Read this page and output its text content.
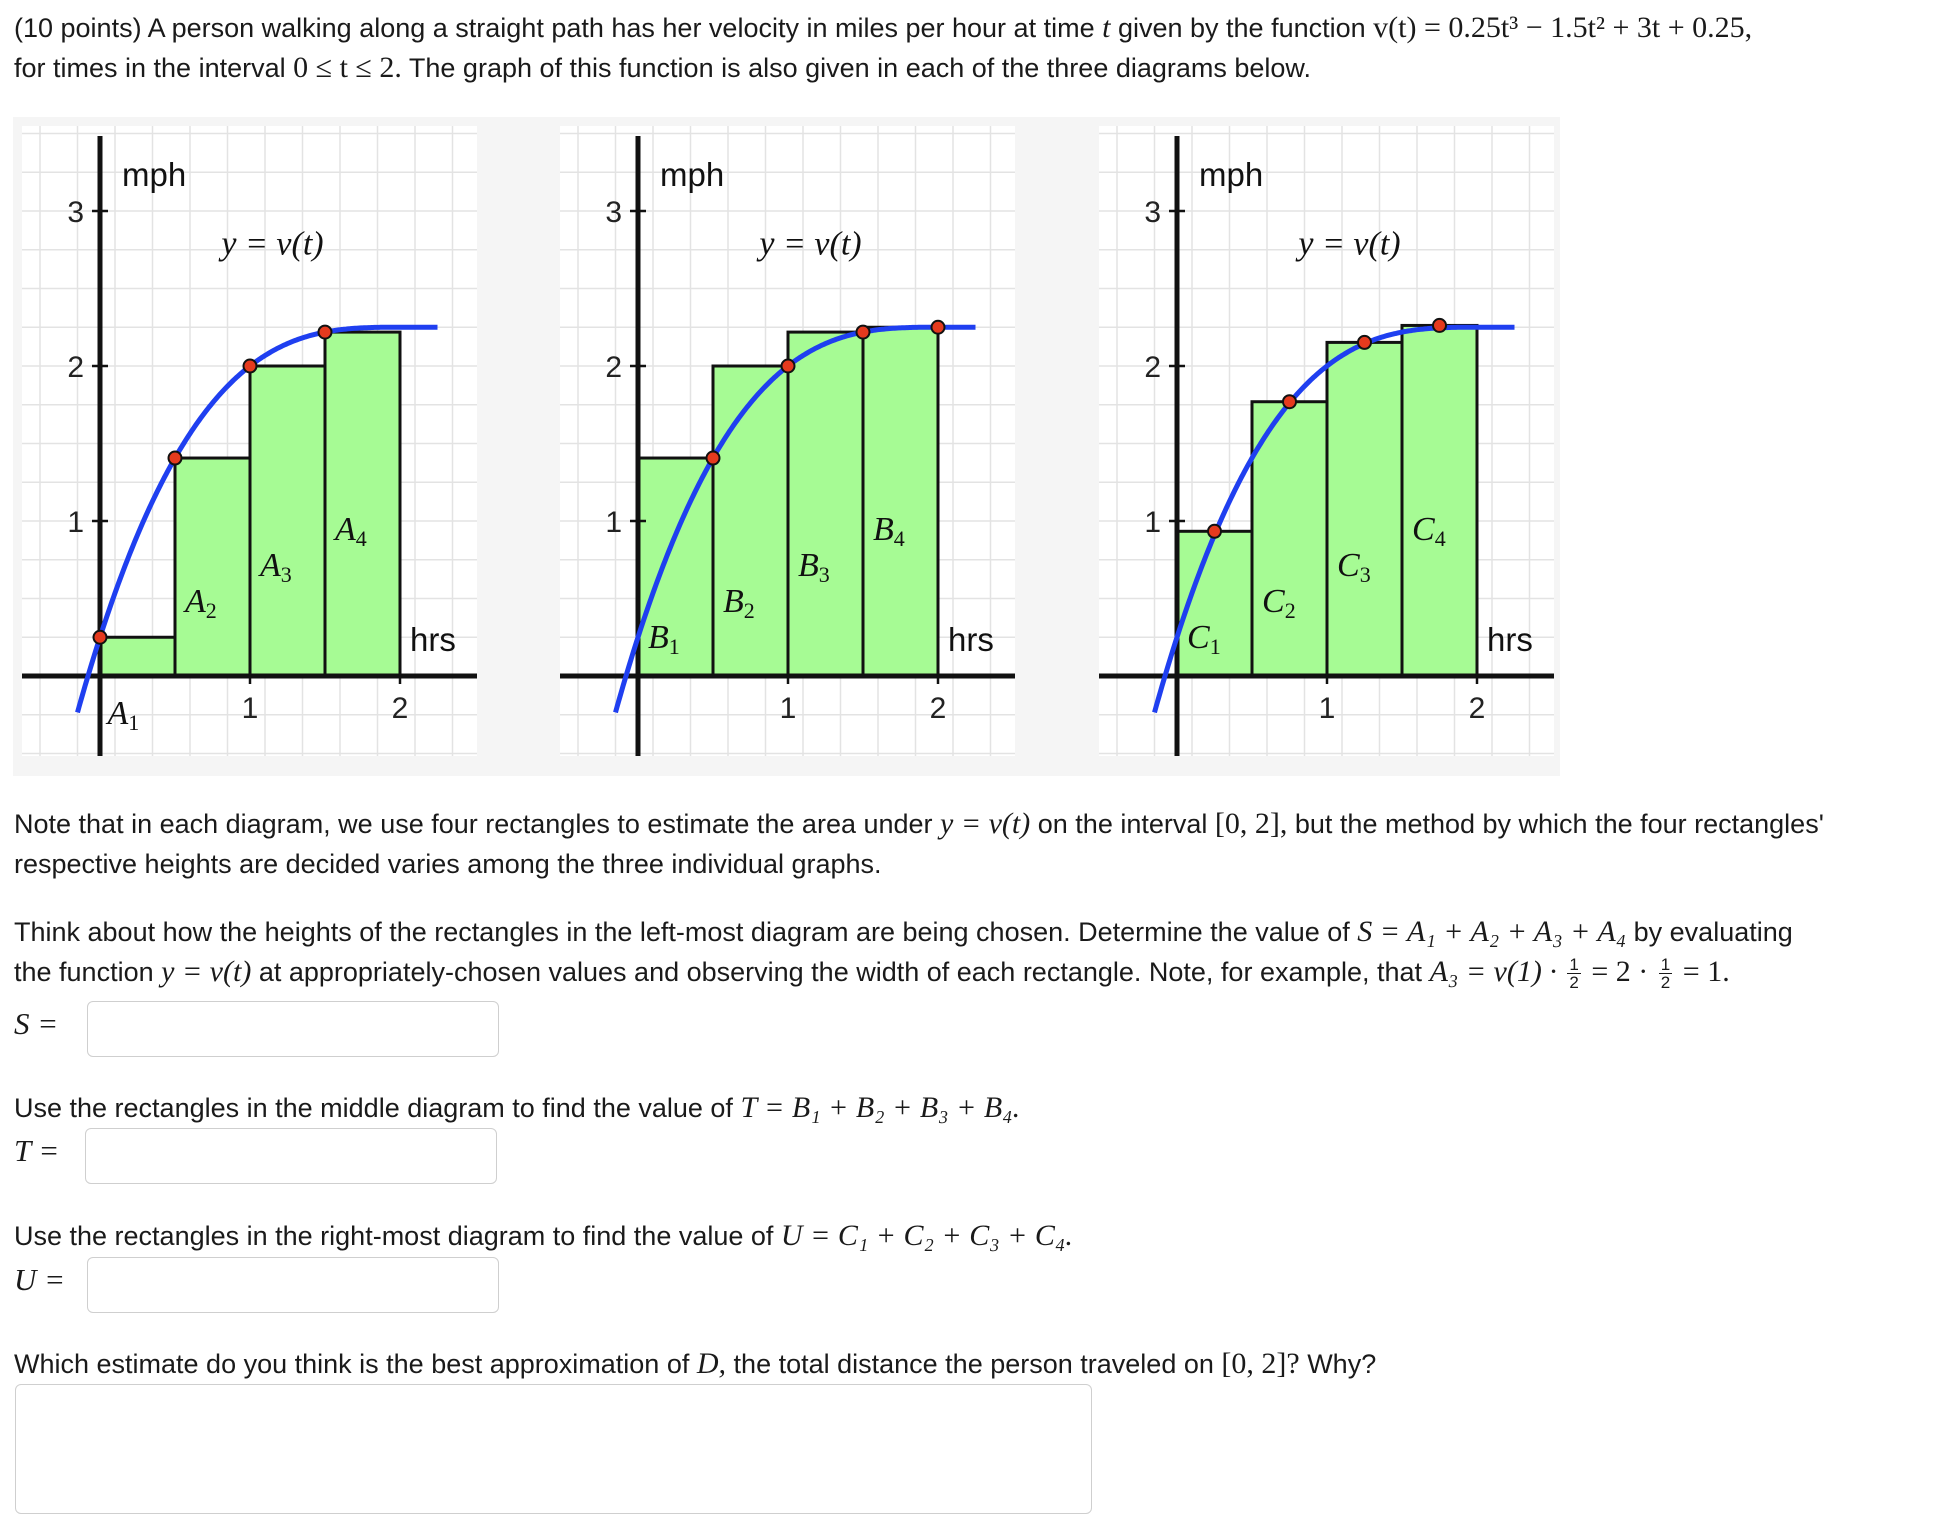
(10 points) A person walking along a straight path has her velocity in miles per hour at time t given by the function v(t) = 0.25t³ − 1.5t² + 3t + 0.25,
for times in the interval 0 ≤ t ≤ 2. The graph of this function is also given in each of the three diagrams below.
1
2
3
1	2
mph
hrs
y = v(t)
A1
A2
A3
A4	1
2
3
1	2
mph
hrs
y = v(t)
B1
B2
B3
B4	1
2
3
1	2
mph
hrs
y = v(t)
C1
C2
C3
C4
Note that in each diagram, we use four rectangles to estimate the area under y = v(t) on the interval [0, 2], but the method by which the four rectangles'
respective heights are decided varies among the three individual graphs.
Think about how the heights of the rectangles in the left-most diagram are being chosen. Determine the value of S = A₁ + A₂ + A₃ + A₄ by evaluating
the function y = v(t) at appropriately-chosen values and observing the width of each rectangle. Note, for example, that $A_3 = v(1) \cdot \frac{1}{2} = 2 \cdot \frac{1}{2} = 1$.
S =
Use the rectangles in the middle diagram to find the value of T = B₁ + B₂ + B₃ + B₄.
T =
Use the rectangles in the right-most diagram to find the value of U = C₁ + C₂ + C₃ + C₄.
U =
Which estimate do you think is the best approximation of D, the total distance the person traveled on [0, 2]? Why?
